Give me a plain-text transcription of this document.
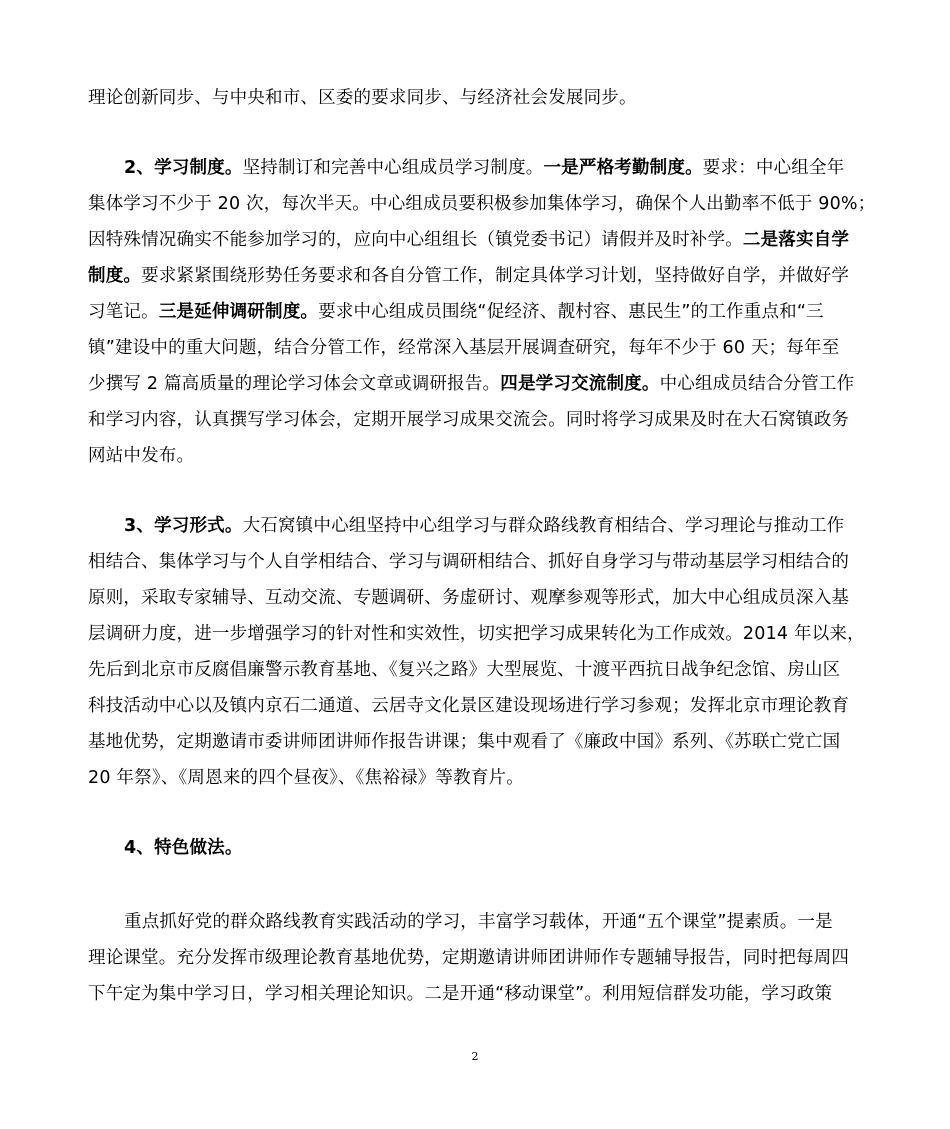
理论创新同步、与中央和市、区委的要求同步、与经济社会发展同步。
2、学习制度。坚持制订和完善中心组成员学习制度。一是严格考勤制度。要求：中心组全年
集体学习不少于 20 次，每次半天。中心组成员要积极参加集体学习，确保个人出勤率不低于 90%；
因特殊情况确实不能参加学习的，应向中心组组长（镇党委书记）请假并及时补学。二是落实自学
制度。要求紧紧围绕形势任务要求和各自分管工作，制定具体学习计划，坚持做好自学，并做好学
习笔记。三是延伸调研制度。要求中心组成员围绕“促经济、靓村容、惠民生”的工作重点和“三
镇”建设中的重大问题，结合分管工作，经常深入基层开展调查研究，每年不少于 60 天；每年至
少撰写 2 篇高质量的理论学习体会文章或调研报告。四是学习交流制度。中心组成员结合分管工作
和学习内容，认真撰写学习体会，定期开展学习成果交流会。同时将学习成果及时在大石窝镇政务
网站中发布。
3、学习形式。大石窝镇中心组坚持中心组学习与群众路线教育相结合、学习理论与推动工作
相结合、集体学习与个人自学相结合、学习与调研相结合、抓好自身学习与带动基层学习相结合的
原则，采取专家辅导、互动交流、专题调研、务虚研讨、观摩参观等形式，加大中心组成员深入基
层调研力度，进一步增强学习的针对性和实效性，切实把学习成果转化为工作成效。2014 年以来，
先后到北京市反腐倡廉警示教育基地、《复兴之路》大型展览、十渡平西抗日战争纪念馆、房山区
科技活动中心以及镇内京石二通道、云居寺文化景区建设现场进行学习参观；发挥北京市理论教育
基地优势，定期邀请市委讲师团讲师作报告讲课；集中观看了《廉政中国》系列、《苏联亡党亡国
20 年祭》、《周恩来的四个昼夜》、《焦裕禄》等教育片。
4、特色做法。
重点抓好党的群众路线教育实践活动的学习，丰富学习载体，开通“五个课堂”提素质。一是
理论课堂。充分发挥市级理论教育基地优势，定期邀请讲师团讲师作专题辅导报告，同时把每周四
下午定为集中学习日，学习相关理论知识。二是开通“移动课堂”。利用短信群发功能，学习政策
2
